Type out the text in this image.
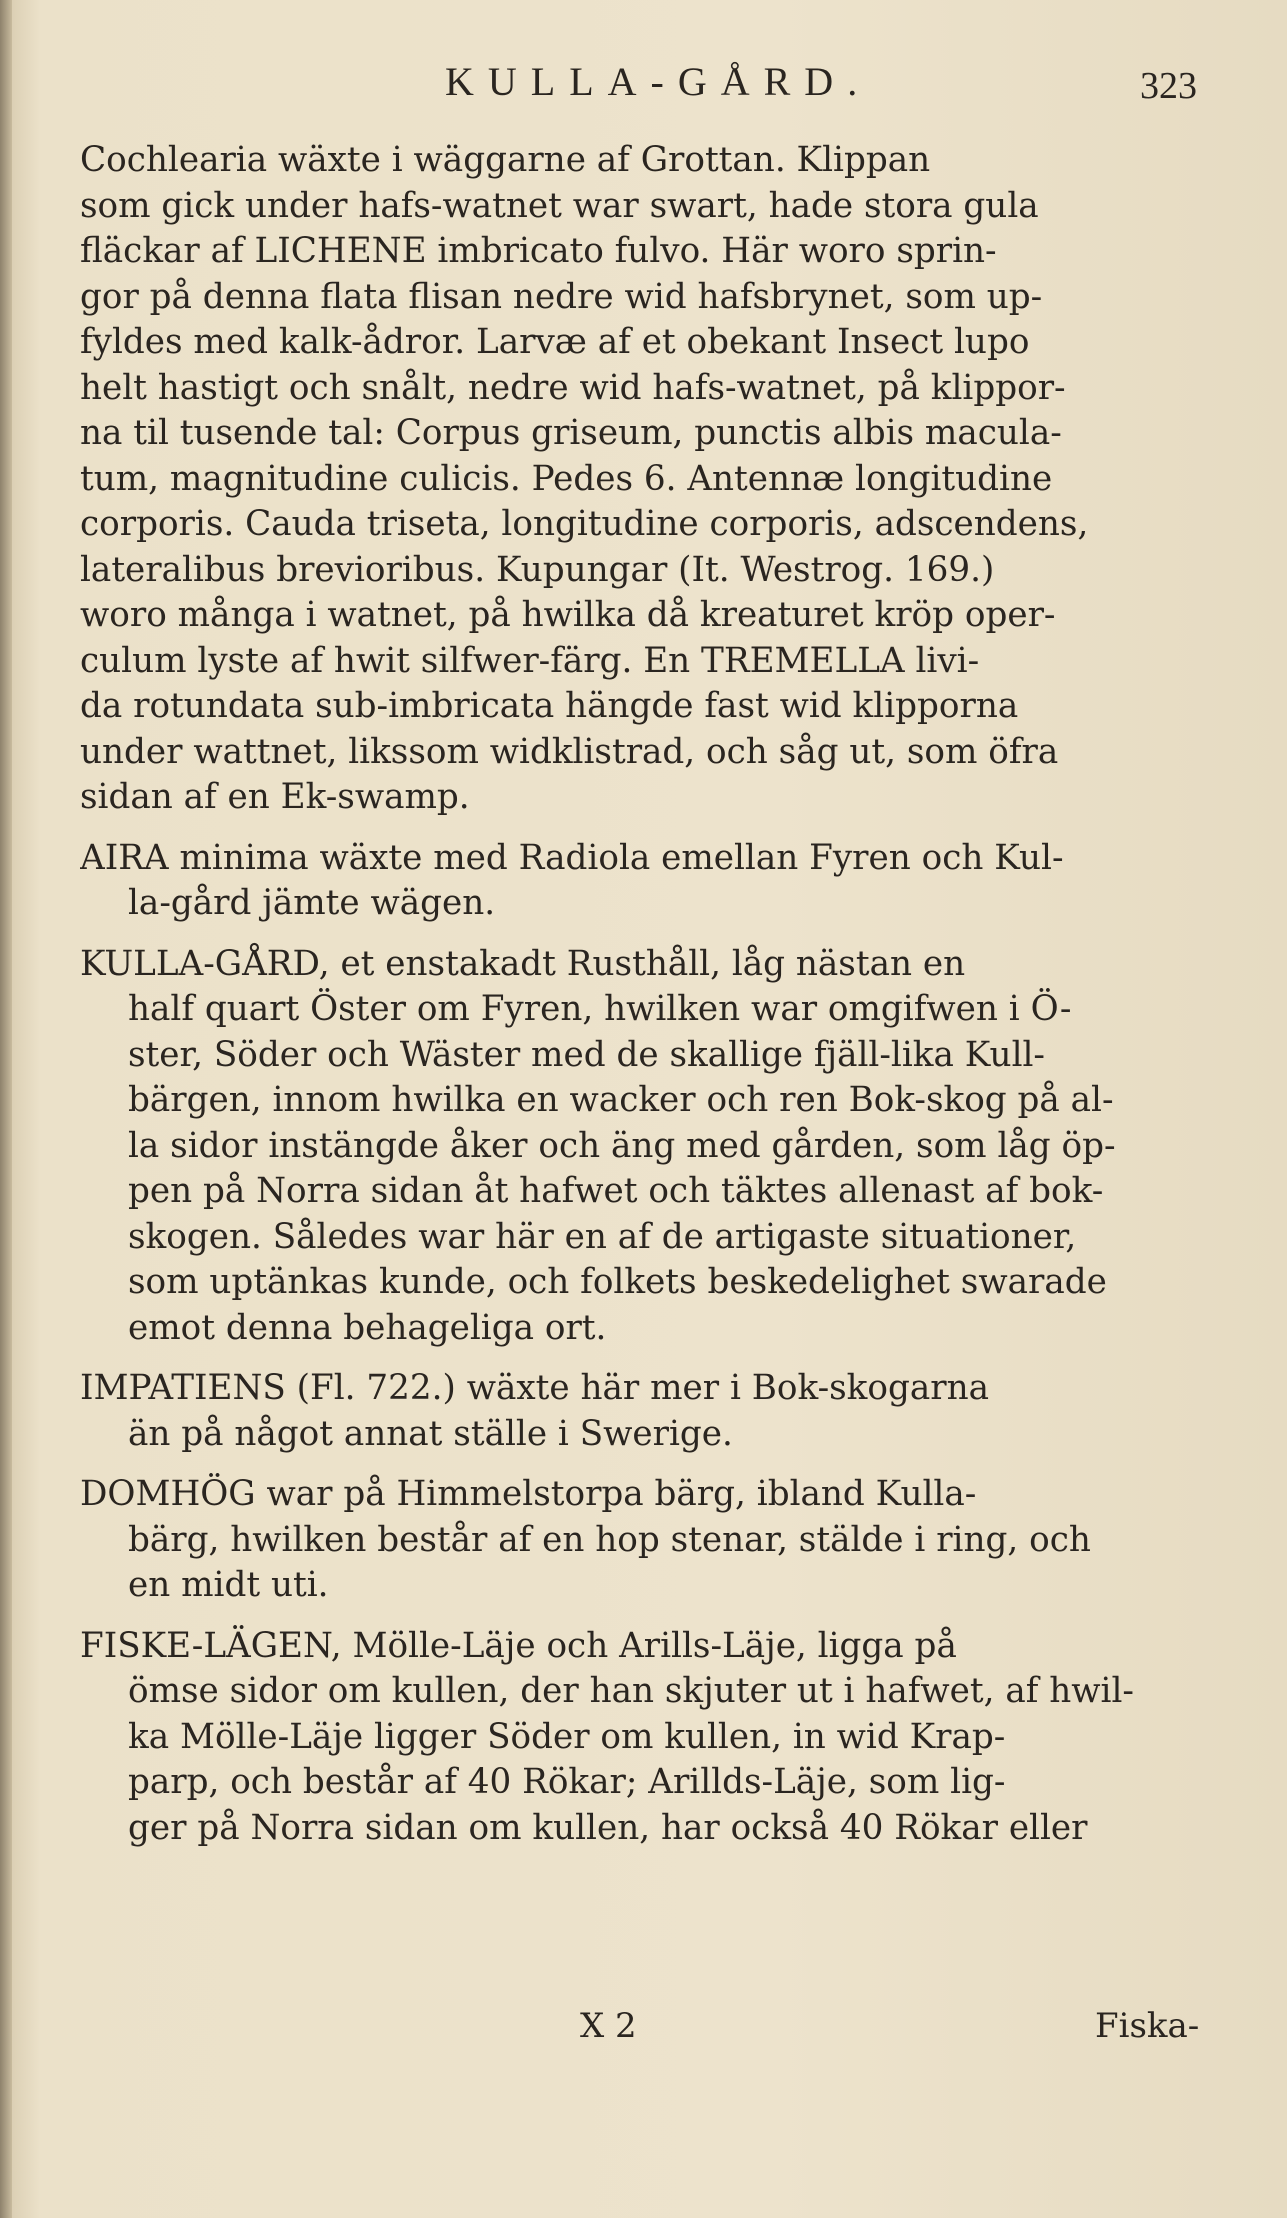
KULLA-GÅRD.	323
Cochlearia wäxte i wäggarne af Grottan. Klippan
som gick under hafs-watnet war swart, hade stora gula
fläckar af LICHENE imbricato fulvo. Här woro sprin-
gor på denna flata flisan nedre wid hafsbrynet, som up-
fyldes med kalk-ådror. Larvæ af et obekant Insect lupo
helt hastigt och snålt, nedre wid hafs-watnet, på klippor-
na til tusende tal: Corpus griseum, punctis albis macula-
tum, magnitudine culicis. Pedes 6. Antennæ longitudine
corporis. Cauda triseta, longitudine corporis, adscendens,
lateralibus brevioribus. Kupungar (It. Westrog. 169.)
woro många i watnet, på hwilka då kreaturet kröp oper-
culum lyste af hwit silfwer-färg. En TREMELLA livi-
da rotundata sub-imbricata hängde fast wid klipporna
under wattnet, likssom widklistrad, och såg ut, som öfra
sidan af en Ek-swamp.
AIRA minima wäxte med Radiola emellan Fyren och Kul-
la-gård jämte wägen.
KULLA-GÅRD, et enstakadt Rusthåll, låg nästan en
half quart Öster om Fyren, hwilken war omgifwen i Ö-
ster, Söder och Wäster med de skallige fjäll-lika Kull-
bärgen, innom hwilka en wacker och ren Bok-skog på al-
la sidor instängde åker och äng med gården, som låg öp-
pen på Norra sidan åt hafwet och täktes allenast af bok-
skogen. Således war här en af de artigaste situationer,
som uptänkas kunde, och folkets beskedelighet swarade
emot denna behageliga ort.
IMPATIENS (Fl. 722.) wäxte här mer i Bok-skogarna
än på något annat ställe i Swerige.
DOMHÖG war på Himmelstorpa bärg, ibland Kulla-
bärg, hwilken består af en hop stenar, stälde i ring, och
en midt uti.
FISKE-LÄGEN, Mölle-Läje och Arills-Läje, ligga på
ömse sidor om kullen, der han skjuter ut i hafwet, af hwil-
ka Mölle-Läje ligger Söder om kullen, in wid Krap-
parp, och består af 40 Rökar; Arillds-Läje, som lig-
ger på Norra sidan om kullen, har också 40 Rökar eller
X 2	Fiska-
